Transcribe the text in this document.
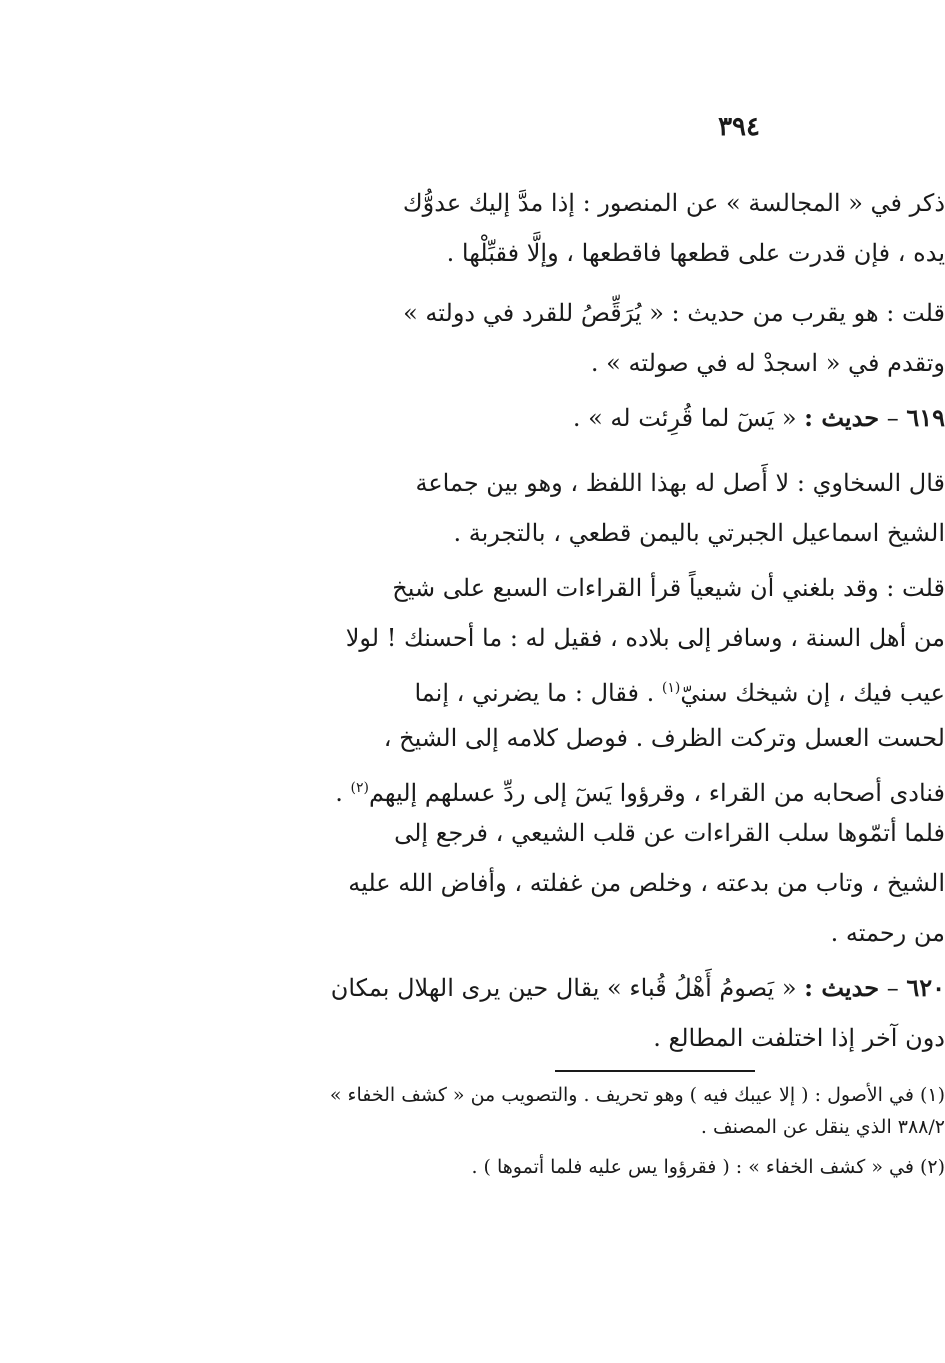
٣٩٤
ذكر في « المجالسة » عن المنصور : إذا مدَّ إليك عدوُّك
يده ، فإن قدرت على قطعها فاقطعها ، وإلَّا فقبِّلْها .
قلت : هو يقرب من حديث : « يُرَقِّصُ للقرد في دولته »
وتقدم في « اسجدْ له في صولته » .
٦١٩ – حديث : « يَسٓ لما قُرِئت له » .
قال السخاوي : لا أَصل له بهذا اللفظ ، وهو بين جماعة
الشيخ اسماعيل الجبرتي باليمن قطعي ، بالتجربة .
قلت : وقد بلغني أن شيعياً قرأ القراءات السبع على شيخ
من أهل السنة ، وسافر إلى بلاده ، فقيل له : ما أحسنك ! لولا
عيب فيك ، إن شيخك سنيّ$^{(١)}$ . فقال : ما يضرني ، إنما
لحست العسل وتركت الظرف . فوصل كلامه إلى الشيخ ،
فنادى أصحابه من القراء ، وقرؤوا يَسٓ إلى ردِّ عسلهم إليهم$^{(٢)}$ .
فلما أتمّوها سلب القراءات عن قلب الشيعي ، فرجع إلى
الشيخ ، وتاب من بدعته ، وخلص من غفلته ، وأفاض الله عليه
من رحمته .
٦٢٠ – حديث : « يَصومُ أَهْلُ قُباء » يقال حين يرى الهلال بمكان
دون آخر إذا اختلفت المطالع .
(١) في الأصول : ( إلا عيبك فيه ) وهو تحريف . والتصويب من « كشف الخفاء »
٣٨٨/٢ الذي ينقل عن المصنف .
(٢) في « كشف الخفاء » : ( فقرؤوا يس عليه فلما أتموها ) .
